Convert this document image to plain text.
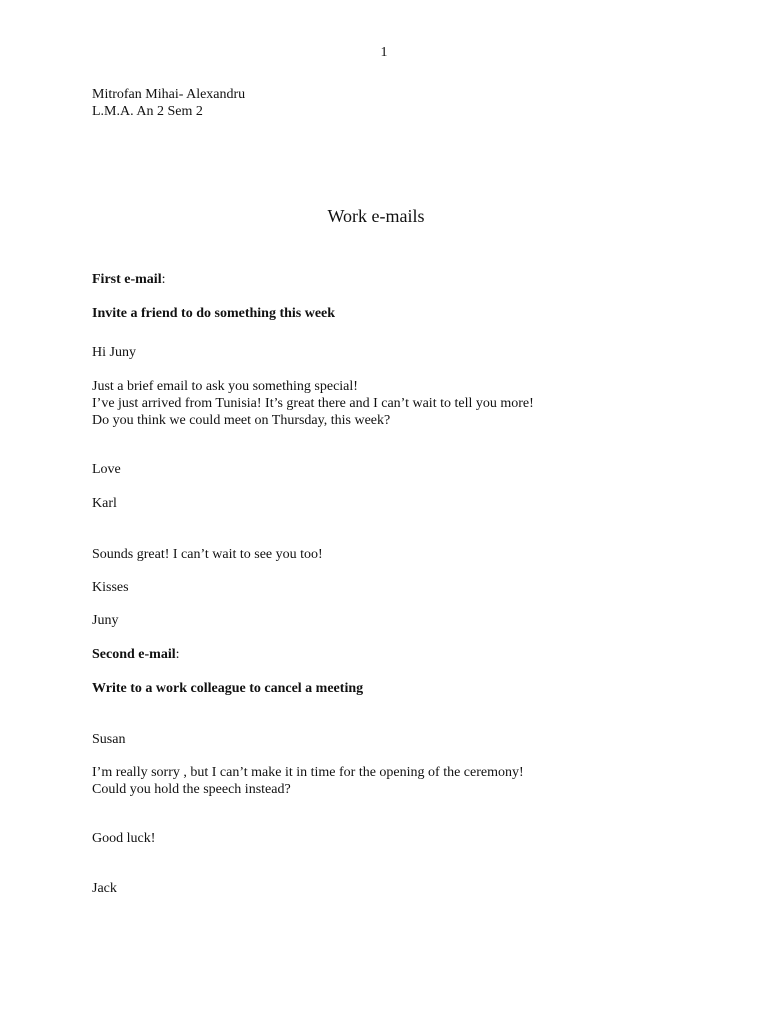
1
Mitrofan Mihai- Alexandru
L.M.A. An 2 Sem 2
Work e-mails
First e-mail:
Invite a friend to do something this week
Hi Juny
Just a brief email to ask you something special!
I’ve just arrived from Tunisia! It’s great there and I can’t wait to tell you more!
Do you think we could meet on Thursday, this week?
Love
Karl
Sounds great! I can’t wait to see you too!
Kisses
Juny
Second e-mail:
Write to a work colleague to cancel a meeting
Susan
I’m really sorry , but I can’t make it in time for the opening of the ceremony!
Could you hold the speech instead?
Good luck!
Jack
